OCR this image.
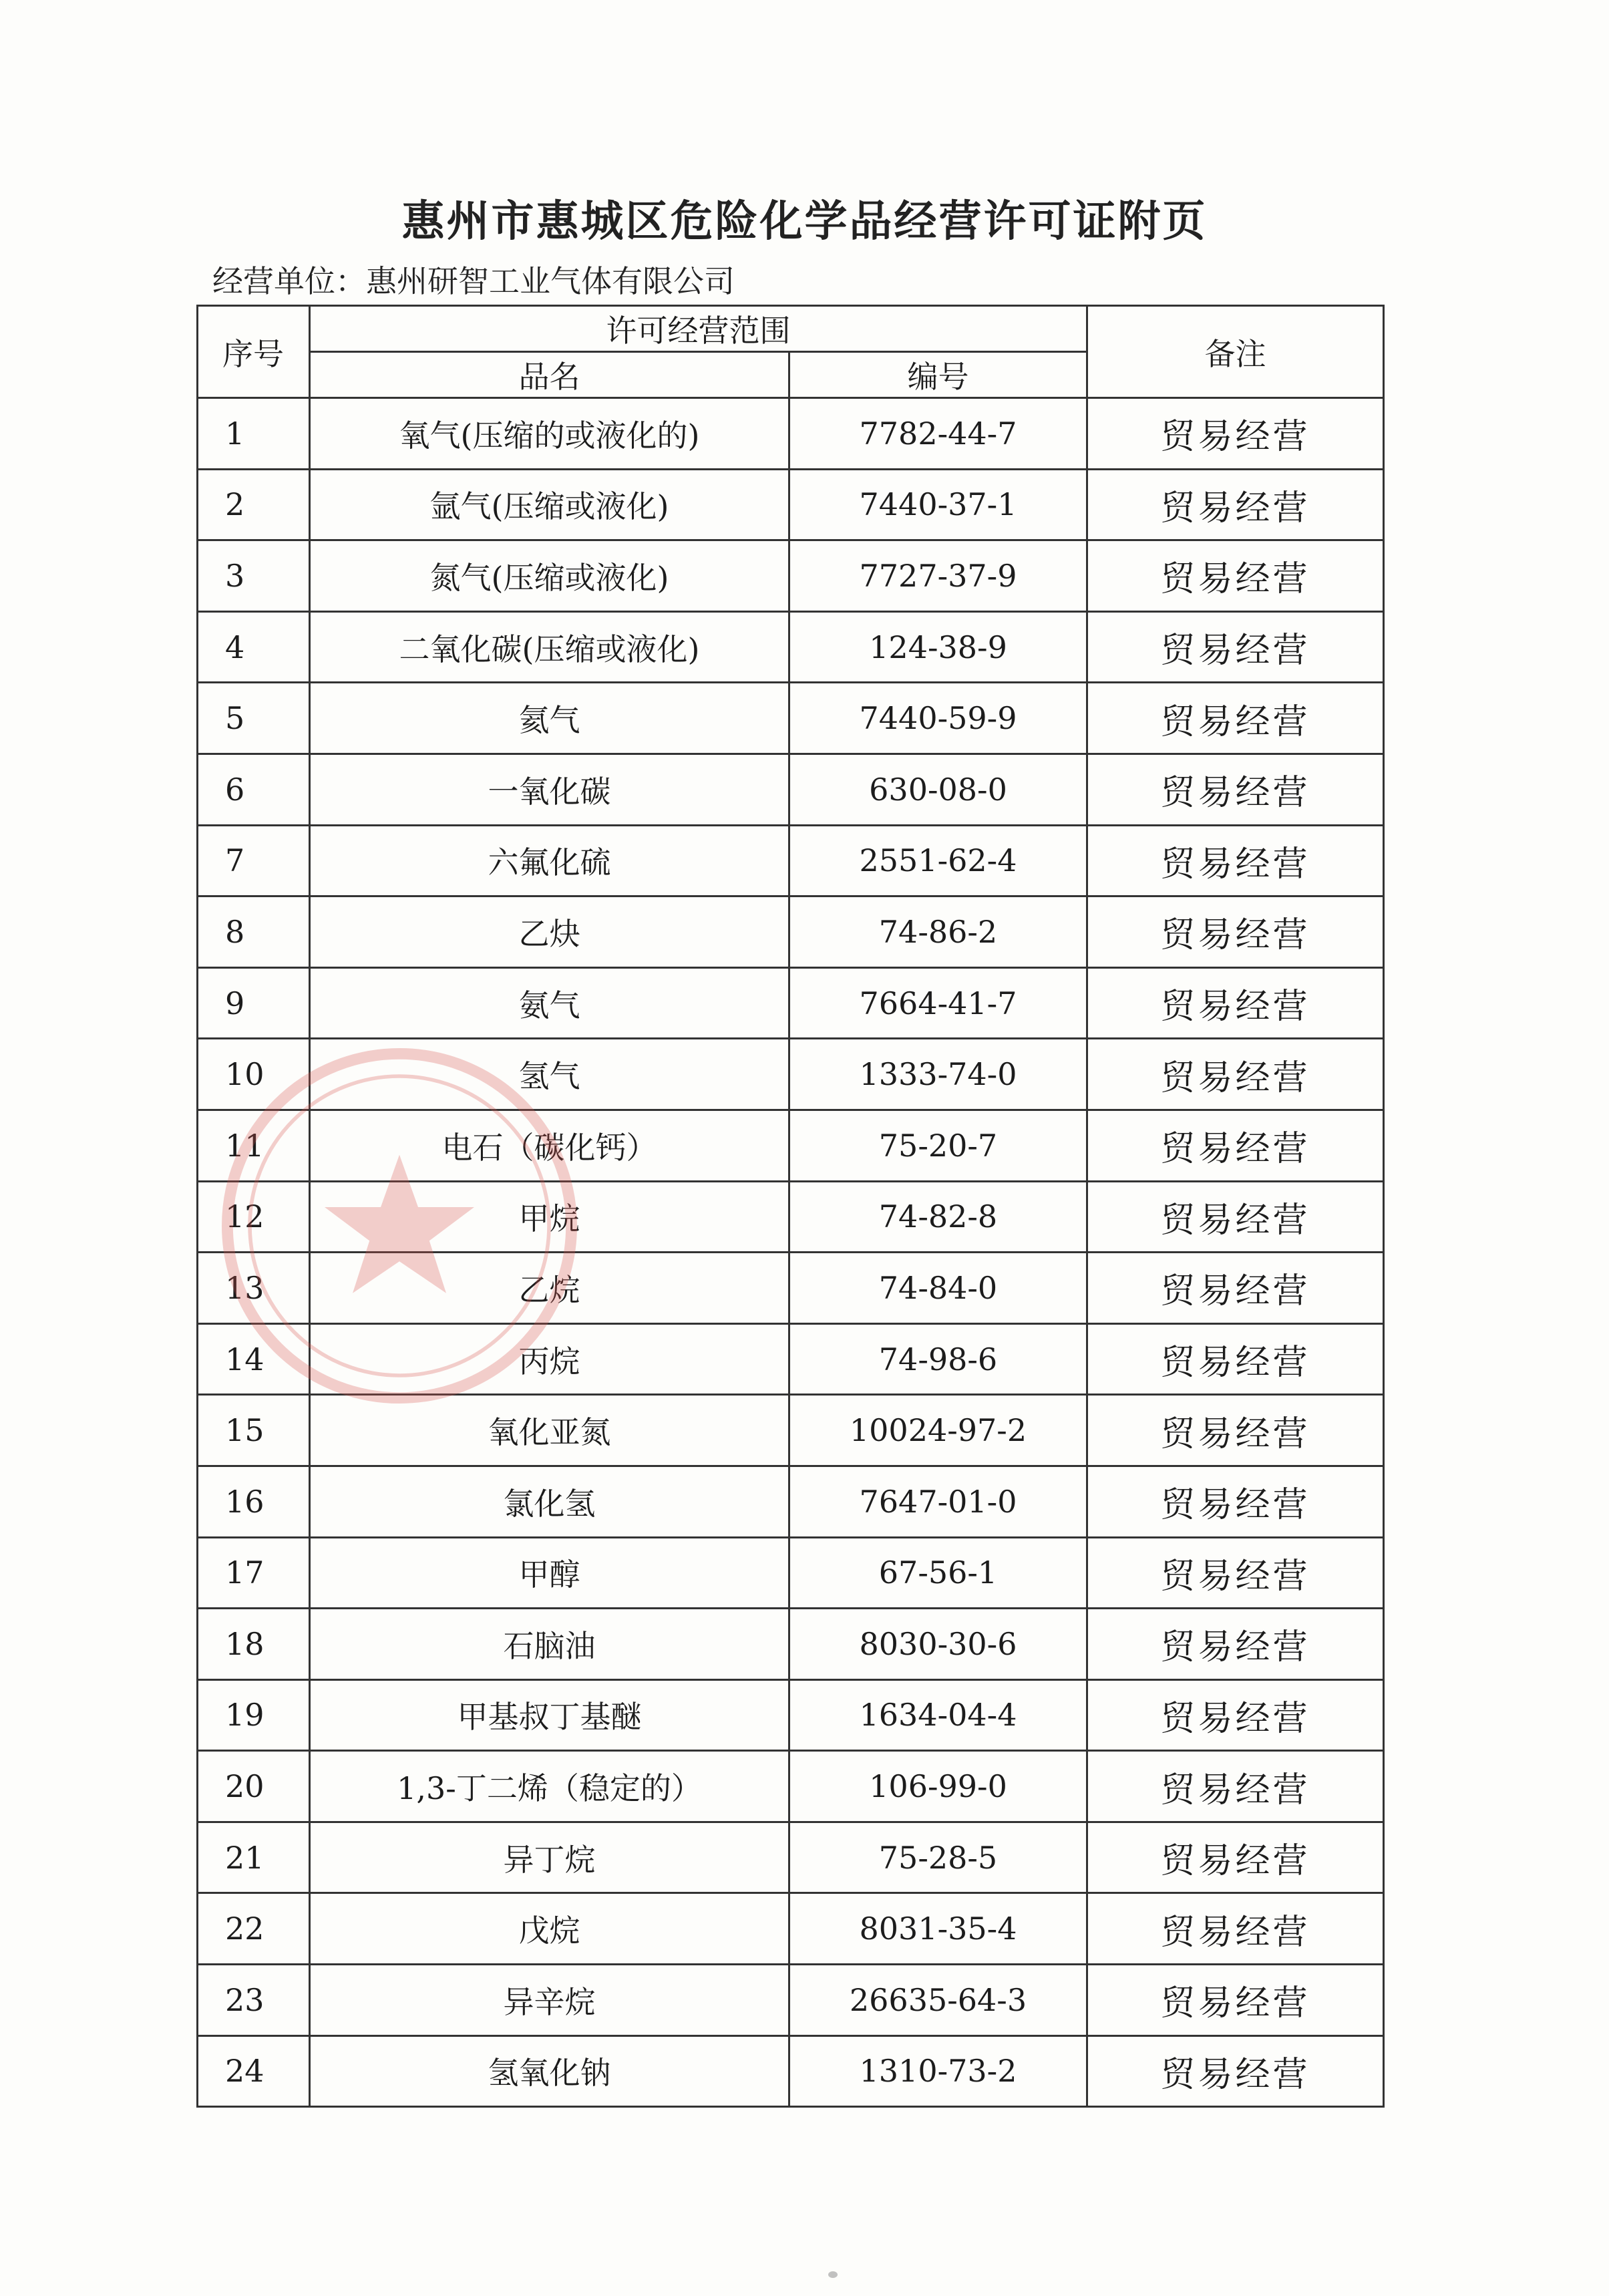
惠州市惠城区危险化学品经营许可证附页
经营单位：惠州研智工业气体有限公司
序号	许可经营范围		备注
	品名	编号	
1	氧气(压缩的或液化的)	7782-44-7	贸易经营
2	氩气(压缩或液化)	7440-37-1	贸易经营
3	氮气(压缩或液化)	7727-37-9	贸易经营
4	二氧化碳(压缩或液化)	124-38-9	贸易经营
5	氦气	7440-59-9	贸易经营
6	一氧化碳	630-08-0	贸易经营
7	六氟化硫	2551-62-4	贸易经营
8	乙炔	74-86-2	贸易经营
9	氨气	7664-41-7	贸易经营
10	氢气	1333-74-0	贸易经营
11	电石（碳化钙）	75-20-7	贸易经营
12	甲烷	74-82-8	贸易经营
13	乙烷	74-84-0	贸易经营
14	丙烷	74-98-6	贸易经营
15	氧化亚氮	10024-97-2	贸易经营
16	氯化氢	7647-01-0	贸易经营
17	甲醇	67-56-1	贸易经营
18	石脑油	8030-30-6	贸易经营
19	甲基叔丁基醚	1634-04-4	贸易经营
20	1,3-丁二烯（稳定的）	106-99-0	贸易经营
21	异丁烷	75-28-5	贸易经营
22	戊烷	8031-35-4	贸易经营
23	异辛烷	26635-64-3	贸易经营
24	氢氧化钠	1310-73-2	贸易经营
